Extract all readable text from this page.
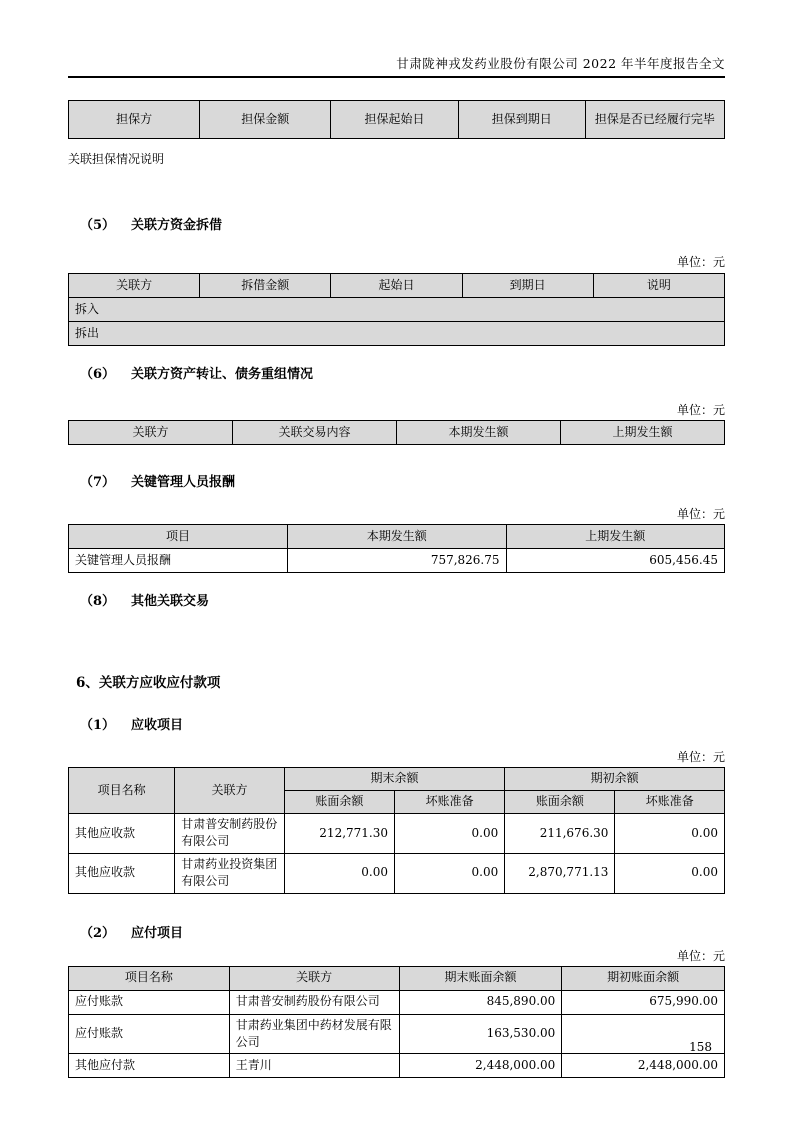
甘肃陇神戎发药业股份有限公司 2022 年半年度报告全文
担保方	担保金额	担保起始日	担保到期日	担保是否已经履行完毕
关联担保情况说明
（5） 关联方资金拆借
单位：元
关联方	拆借金额	起始日	到期日	说明
拆入
拆出
（6） 关联方资产转让、债务重组情况
单位：元
关联方	关联交易内容	本期发生额	上期发生额
（7） 关键管理人员报酬
单位：元
项目	本期发生额	上期发生额
关键管理人员报酬	757,826.75	605,456.45
（8） 其他关联交易
6、关联方应收应付款项
（1） 应收项目
单位：元
项目名称	关联方	期末余额		期初余额	
		账面余额	坏账准备	账面余额	坏账准备
其他应收款	甘肃普安制药股份有限公司	212,771.30	0.00	211,676.30	0.00
其他应收款	甘肃药业投资集团有限公司	0.00	0.00	2,870,771.13	0.00
（2） 应付项目
单位：元
项目名称	关联方	期末账面余额	期初账面余额
应付账款	甘肃普安制药股份有限公司	845,890.00	675,990.00
应付账款	甘肃药业集团中药材发展有限公司	163,530.00	
其他应付款	王青川	2,448,000.00	2,448,000.00
158
